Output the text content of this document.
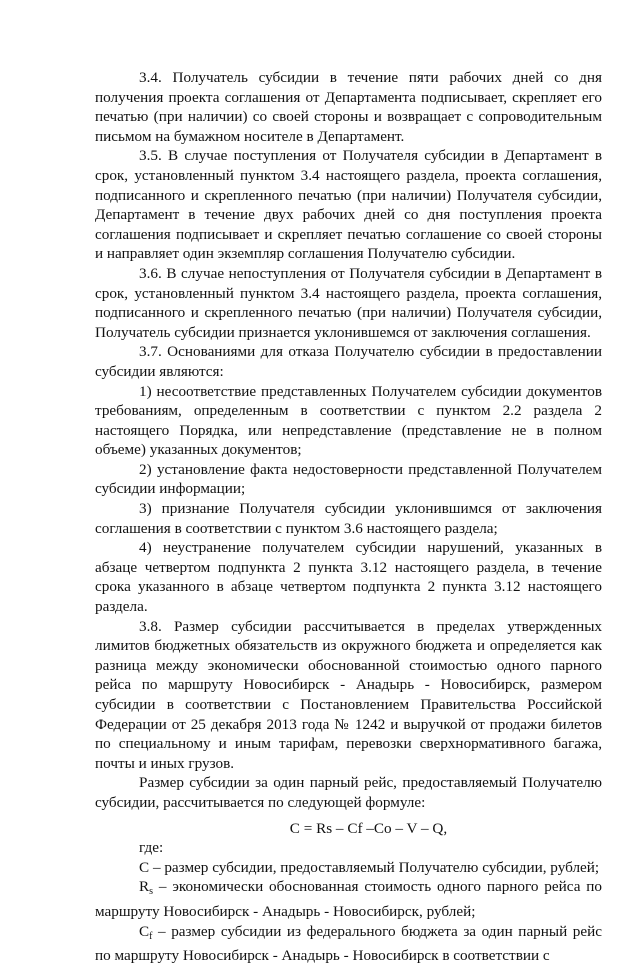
3.4. Получатель субсидии в течение пяти рабочих дней со дня получения проекта соглашения от Департамента подписывает, скрепляет его печатью (при наличии) со своей стороны и возвращает с сопроводительным письмом на бумажном носителе в Департамент.

3.5. В случае поступления от Получателя субсидии в Департамент в срок, установленный пунктом 3.4 настоящего раздела, проекта соглашения, подписанного и скрепленного печатью (при наличии) Получателя субсидии, Департамент в течение двух рабочих дней со дня поступления проекта соглашения подписывает и скрепляет печатью соглашение со своей стороны и направляет один экземпляр соглашения Получателю субсидии.

3.6. В случае непоступления от Получателя субсидии в Департамент в срок, установленный пунктом 3.4 настоящего раздела, проекта соглашения, подписанного и скрепленного печатью (при наличии) Получателя субсидии, Получатель субсидии признается уклонившемся от заключения соглашения.

3.7. Основаниями для отказа Получателю субсидии в предоставлении субсидии являются:

1) несоответствие представленных Получателем субсидии документов требованиям, определенным в соответствии с пунктом 2.2 раздела 2 настоящего Порядка, или непредставление (представление не в полном объеме) указанных документов;

2) установление факта недостоверности представленной Получателем субсидии информации;

3) признание Получателя субсидии уклонившимся от заключения соглашения в соответствии с пунктом 3.6 настоящего раздела;

4) неустранение получателем субсидии нарушений, указанных в абзаце четвертом подпункта 2 пункта 3.12 настоящего раздела, в течение срока указанного в абзаце четвертом подпункта 2 пункта 3.12 настоящего раздела.

3.8. Размер субсидии рассчитывается в пределах утвержденных лимитов бюджетных обязательств из окружного бюджета и определяется как разница между экономически обоснованной стоимостью одного парного рейса по маршруту Новосибирск - Анадырь - Новосибирск, размером субсидии в соответствии с Постановлением Правительства Российской Федерации от 25 декабря 2013 года № 1242 и выручкой от продажи билетов по специальному и иным тарифам, перевозки сверхнормативного багажа, почты и иных грузов.

Размер субсидии за один парный рейс, предоставляемый Получателю субсидии, рассчитывается по следующей формуле:

C = Rs – Cf –Co – V – Q,

где:

С – размер субсидии, предоставляемый Получателю субсидии, рублей;

$R_s$ – экономически обоснованная стоимость одного парного рейса по маршруту Новосибирск - Анадырь - Новосибирск, рублей;

$C_f$ – размер субсидии из федерального бюджета за один парный рейс по маршруту Новосибирск - Анадырь - Новосибирск в соответствии с
